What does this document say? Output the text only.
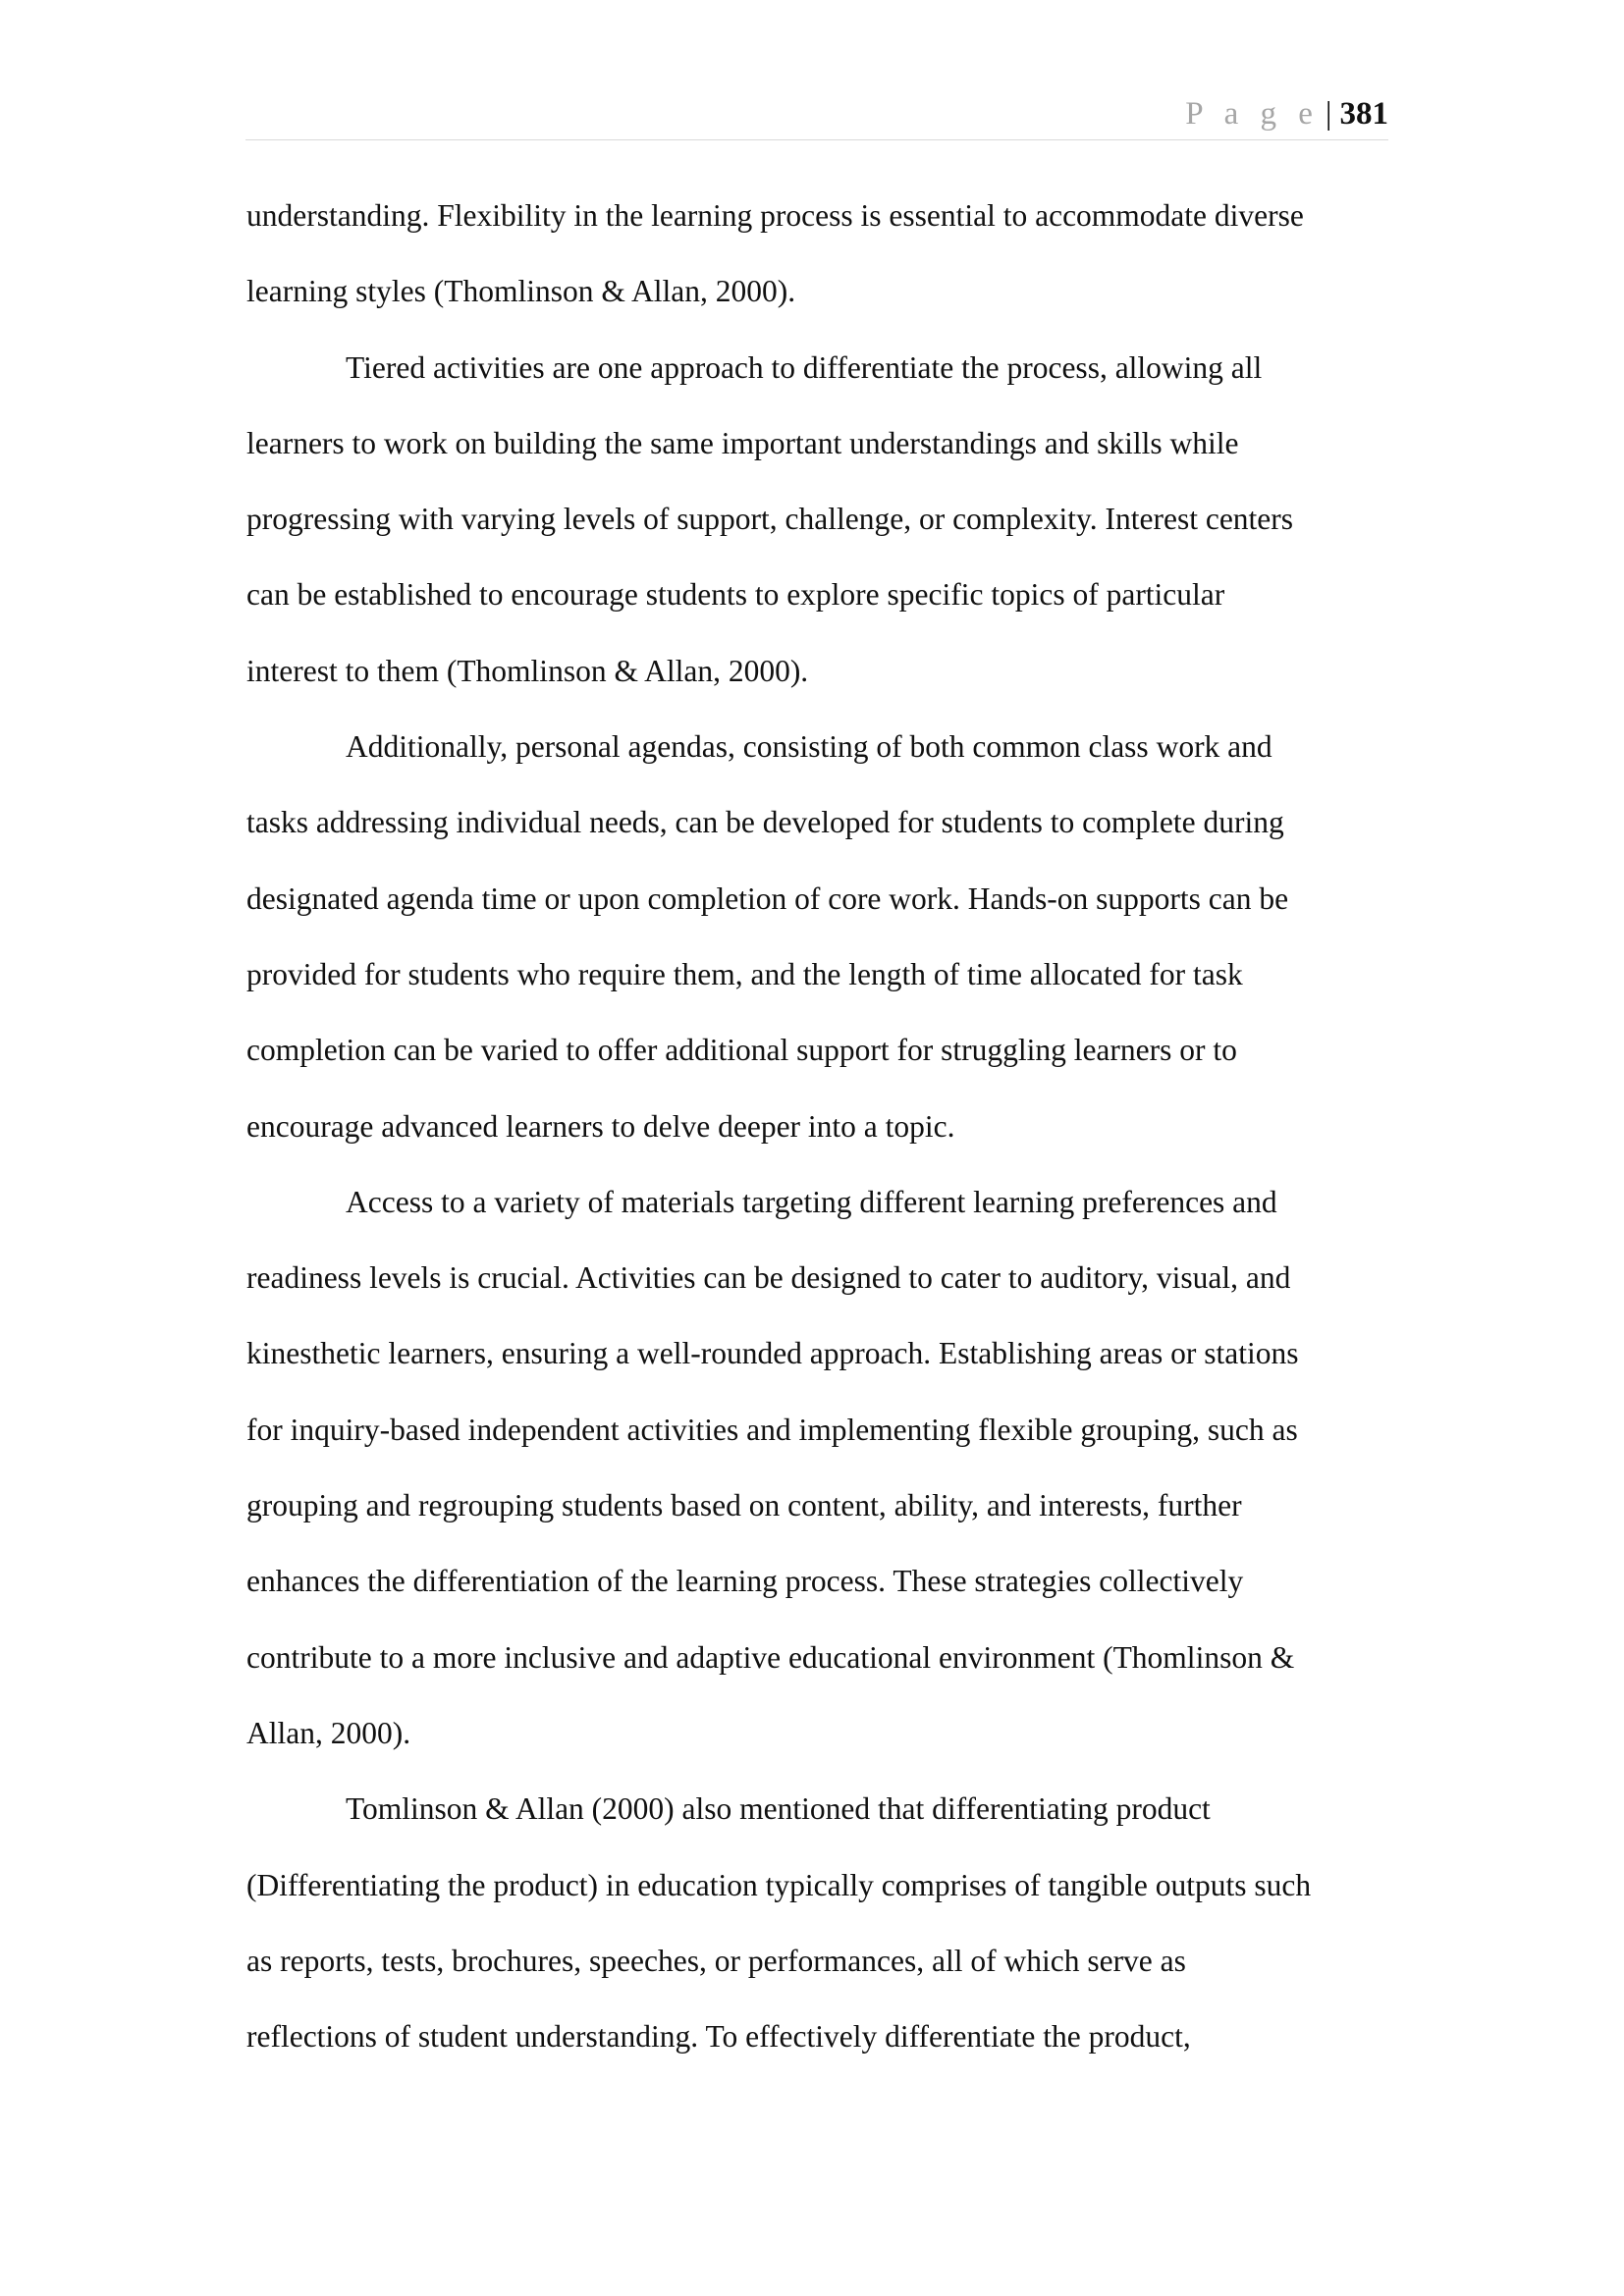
P a g e | 381
understanding. Flexibility in the learning process is essential to accommodate diverse
learning styles (Thomlinson & Allan, 2000).
Tiered activities are one approach to differentiate the process, allowing all
learners to work on building the same important understandings and skills while
progressing with varying levels of support, challenge, or complexity. Interest centers
can be established to encourage students to explore specific topics of particular
interest to them (Thomlinson & Allan, 2000).
Additionally, personal agendas, consisting of both common class work and
tasks addressing individual needs, can be developed for students to complete during
designated agenda time or upon completion of core work. Hands-on supports can be
provided for students who require them, and the length of time allocated for task
completion can be varied to offer additional support for struggling learners or to
encourage advanced learners to delve deeper into a topic.
Access to a variety of materials targeting different learning preferences and
readiness levels is crucial. Activities can be designed to cater to auditory, visual, and
kinesthetic learners, ensuring a well-rounded approach. Establishing areas or stations
for inquiry-based independent activities and implementing flexible grouping, such as
grouping and regrouping students based on content, ability, and interests, further
enhances the differentiation of the learning process. These strategies collectively
contribute to a more inclusive and adaptive educational environment (Thomlinson &
Allan, 2000).
Tomlinson & Allan (2000) also mentioned that differentiating product
(Differentiating the product) in education typically comprises of tangible outputs such
as reports, tests, brochures, speeches, or performances, all of which serve as
reflections of student understanding. To effectively differentiate the product,
